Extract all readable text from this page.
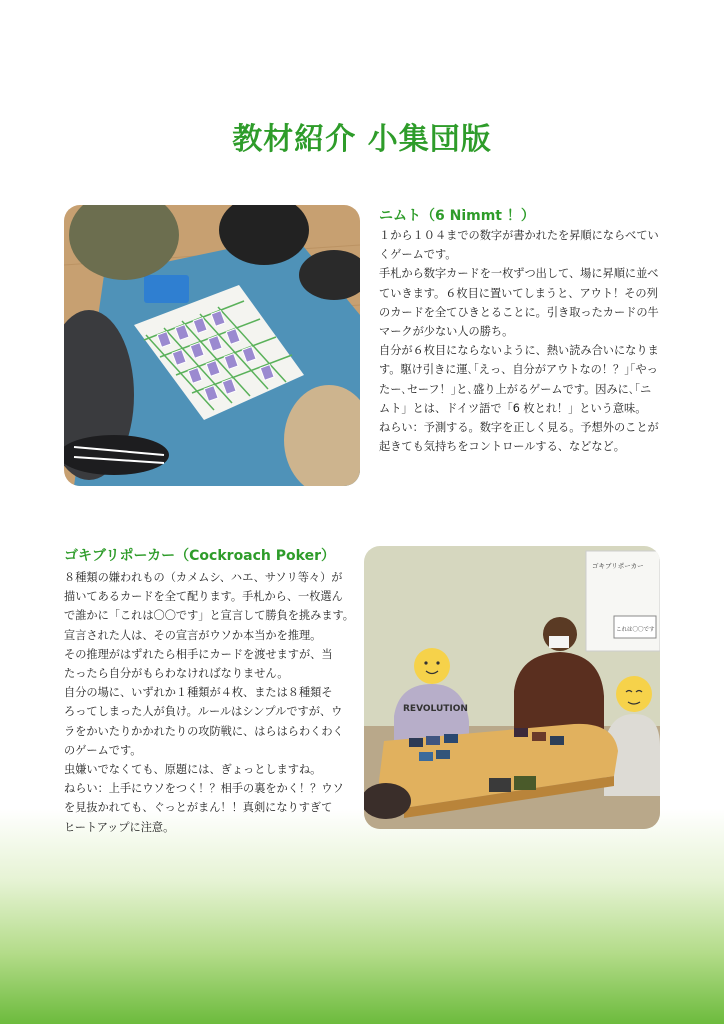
教材紹介 小集団版
ニムト（6 Nimmt ！）

１から１０４までの数字が書かれたを昇順にならべてい

くゲームです。

手札から数字カードを一枚ずつ出して、場に昇順に並べ

ていきます。６枚目に置いてしまうと、アウト！その列

のカードを全てひきとることに。引き取ったカードの牛

マークが少ない人の勝ち。

自分が６枚目にならないように、熱い読み合いになりま

す。駆け引きに運､｢えっ、自分がアウトなの！？｣｢やっ

たー､セーフ！｣と､盛り上がるゲームです。因みに､｢ニ

ムト」とは、ドイツ語で「6 枚とれ！」という意味。

ねらい：予測する。数字を正しく見る。予想外のことが

起きても気持ちをコントロールする、などなど。

ゴキブリポーカー（Cockroach Poker）

８種類の嫌われもの（カメムシ、ハエ、サソリ等々）が

描いてあるカードを全て配ります。手札から、一枚選ん

で誰かに「これは〇〇です」と宣言して勝負を挑みます。

宣言された人は、その宣言がウソか本当かを推理。

その推理がはずれたら相手にカードを渡せますが、当

たったら自分がもらわなければなりません。

自分の場に、いずれか１種類が４枚、または８種類そ

ろってしまった人が負け。ルールはシンプルですが、ウ

ラをかいたりかかれたりの攻防戦に、はらはらわくわく

のゲームです。

虫嫌いでなくても、原題には、ぎょっとしますね。

ねらい：上手にウソをつく！？相手の裏をかく！？ウソ

を見抜かれても、ぐっとがまん！！真剣になりすぎて

ヒートアップに注意。

ゴキブリポーカー
これは〇〇です
REVOLUTION
